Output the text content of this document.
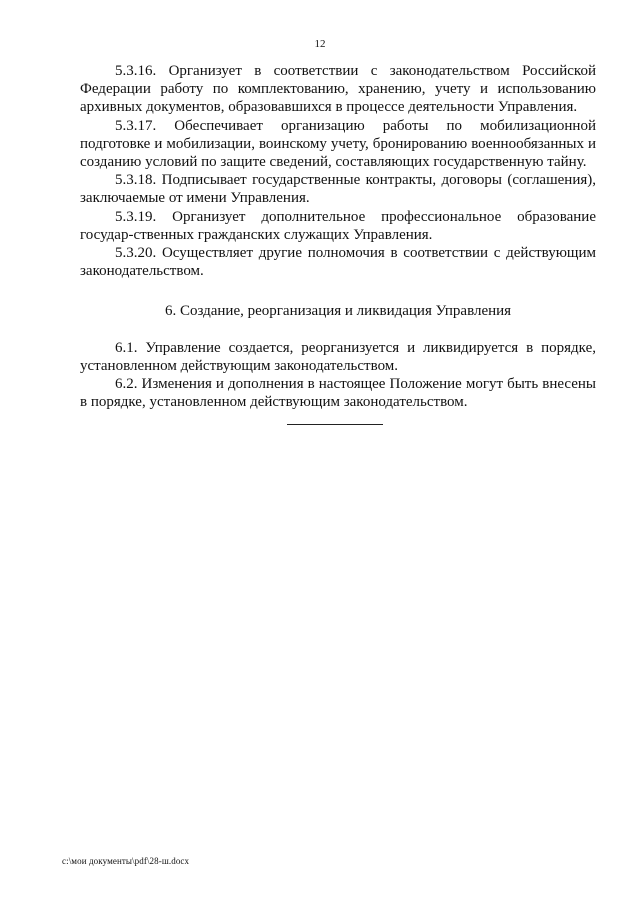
12

5.3.16. Организует в соответствии с законодательством Российской Федерации работу по комплектованию, хранению, учету и использованию архивных документов, образовавшихся в процессе деятельности Управления.

5.3.17. Обеспечивает организацию работы по мобилизационной подготовке и мобилизации, воинскому учету, бронированию военнообязанных и созданию условий по защите сведений, составляющих государственную тайну.

5.3.18. Подписывает государственные контракты, договоры (соглашения), заключаемые от имени Управления.

5.3.19. Организует дополнительное профессиональное образование государ-ственных гражданских служащих Управления.

5.3.20. Осуществляет другие полномочия в соответствии с действующим законодательством.

6. Создание, реорганизация и ликвидация Управления

6.1. Управление создается, реорганизуется и ликвидируется в порядке, установленном действующим законодательством.

6.2. Изменения и дополнения в настоящее Положение могут быть внесены в порядке, установленном действующим законодательством.

c:\мои документы\pdf\28-ш.docx
